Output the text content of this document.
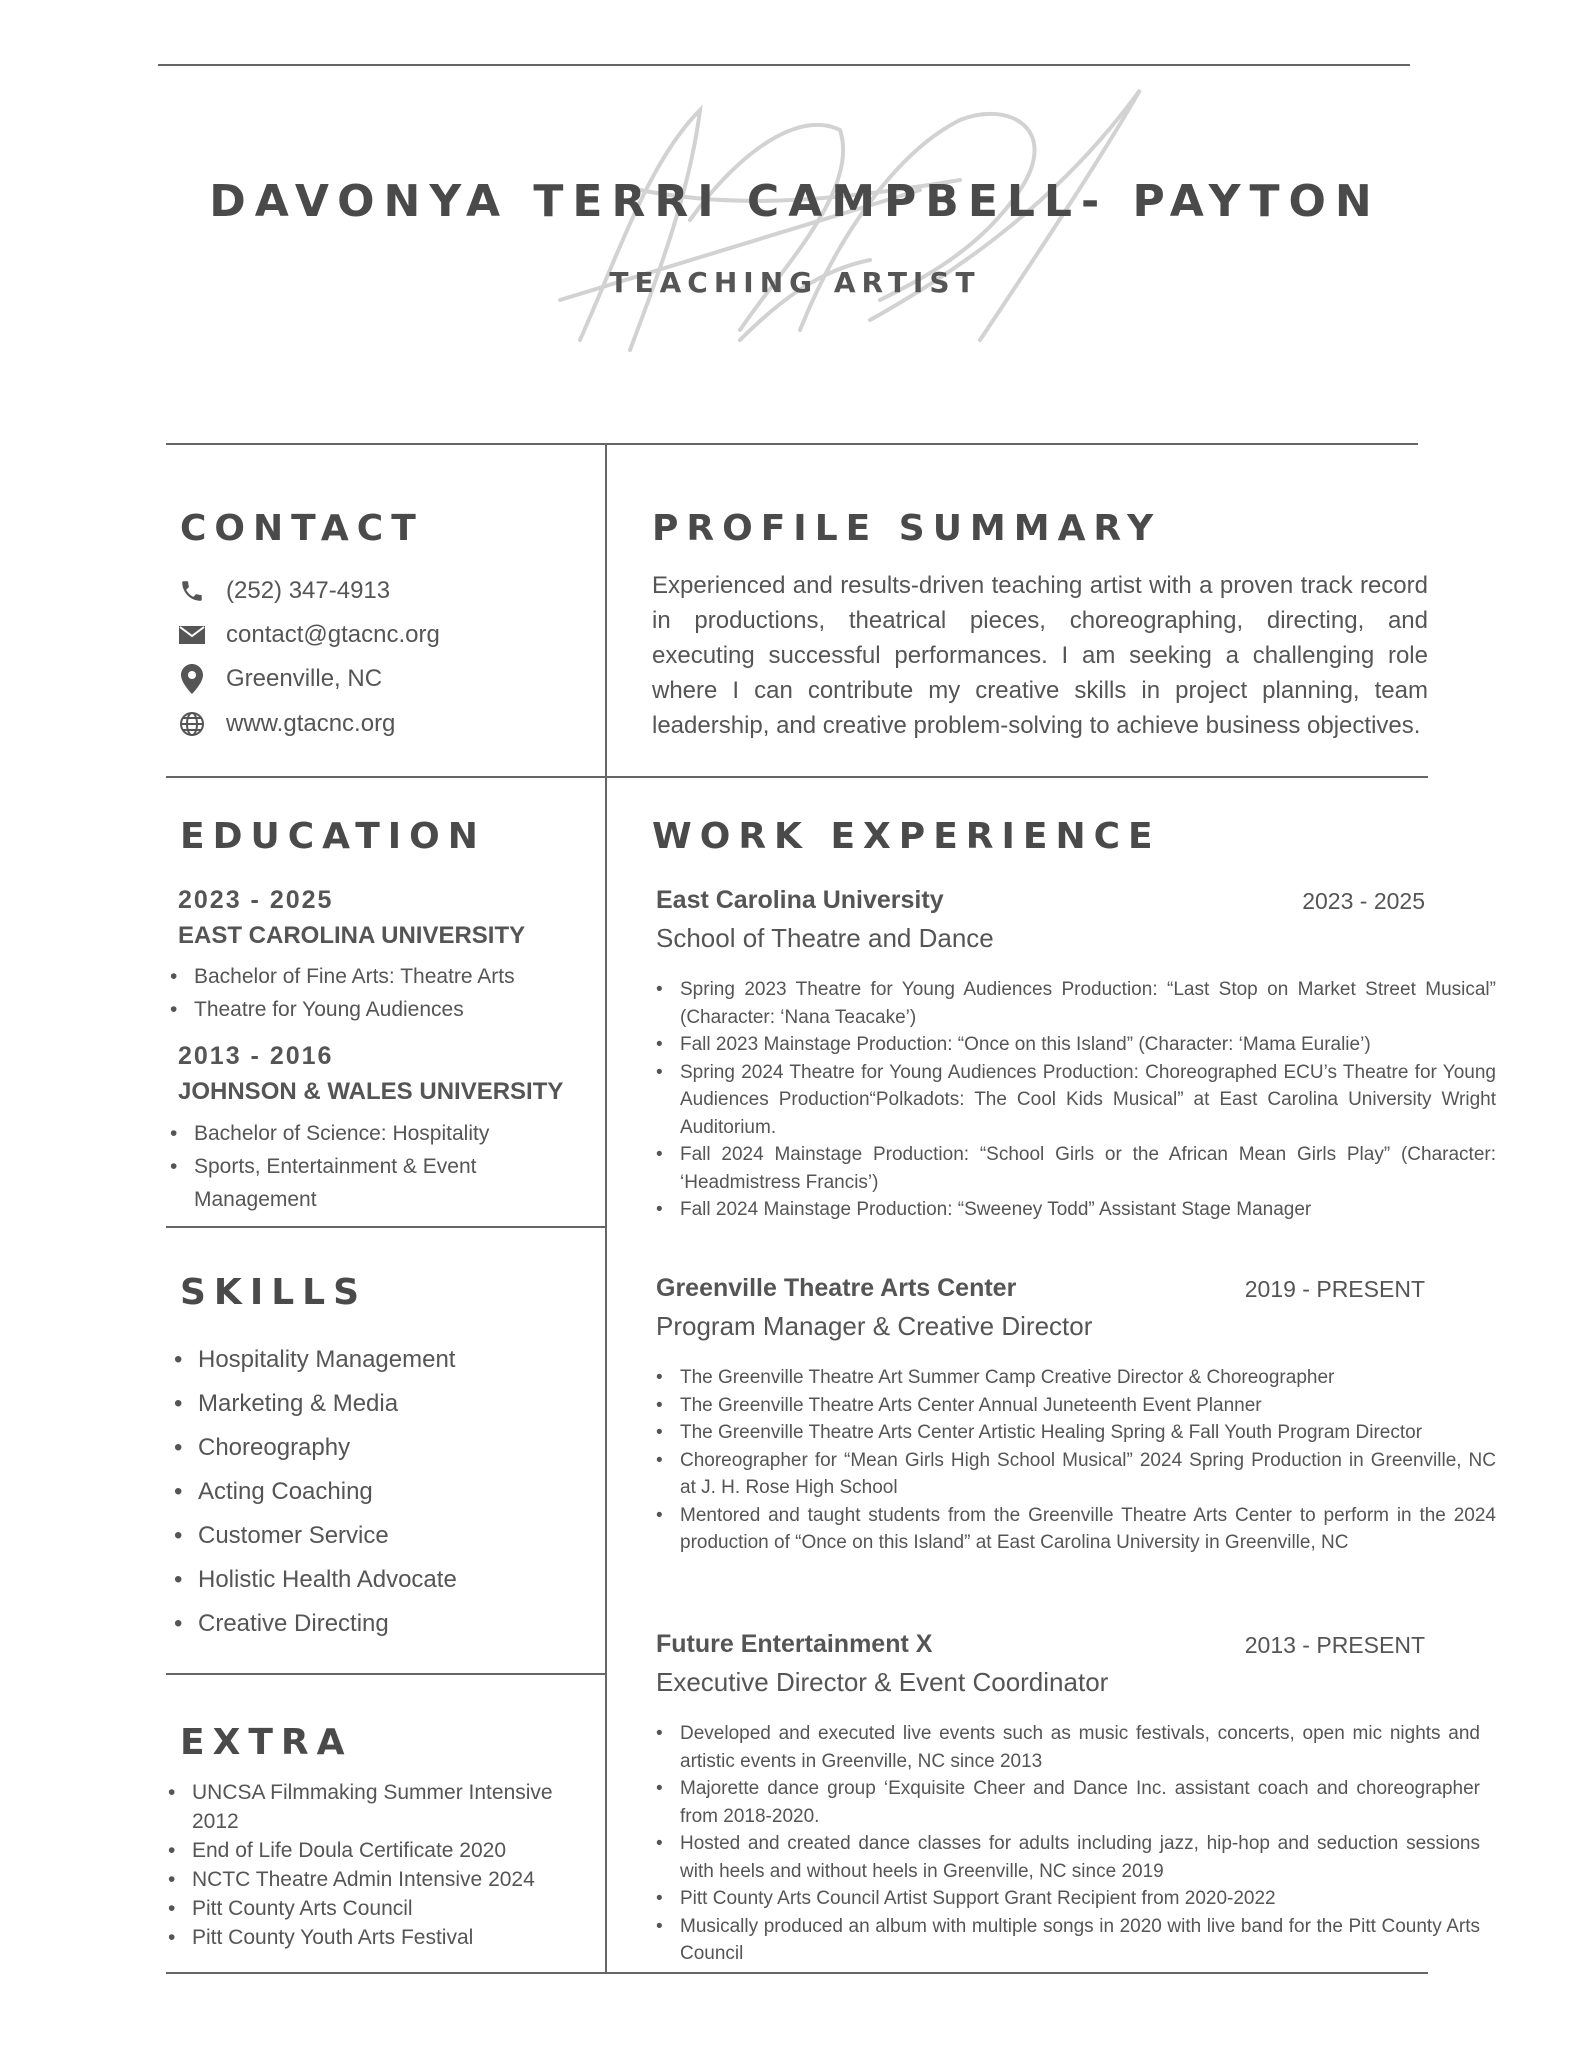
DAVONYA TERRI CAMPBELL- PAYTON
TEACHING ARTIST
CONTACT
(252) 347-4913
contact@gtacnc.org
Greenville, NC
www.gtacnc.org
PROFILE SUMMARY
Experienced and results-driven teaching artist with a proven track record in productions, theatrical pieces, choreographing, directing, and executing successful performances. I am seeking a challenging role where I can contribute my creative skills in project planning, team leadership, and creative problem-solving to achieve business objectives.
EDUCATION
2023 - 2025
EAST CAROLINA UNIVERSITY
• Bachelor of Fine Arts: Theatre Arts
• Theatre for Young Audiences
2013 - 2016
JOHNSON & WALES UNIVERSITY
• Bachelor of Science: Hospitality
• Sports, Entertainment & Event Management
SKILLS
• Hospitality Management
• Marketing & Media
• Choreography
• Acting Coaching
• Customer Service
• Holistic Health Advocate
• Creative Directing
EXTRA
• UNCSA Filmmaking Summer Intensive 2012
• End of Life Doula Certificate 2020
• NCTC Theatre Admin Intensive 2024
• Pitt County Arts Council
• Pitt County Youth Arts Festival
WORK EXPERIENCE
East Carolina University	2023 - 2025
School of Theatre and Dance
• Spring 2023 Theatre for Young Audiences Production: “Last Stop on Market Street Musical” (Character: ‘Nana Teacake’)
• Fall 2023 Mainstage Production: “Once on this Island” (Character: ‘Mama Euralie’)
• Spring 2024 Theatre for Young Audiences Production: Choreographed ECU’s Theatre for Young Audiences Production“Polkadots: The Cool Kids Musical” at East Carolina University Wright Auditorium.
• Fall 2024 Mainstage Production: “School Girls or the African Mean Girls Play” (Character: ‘Headmistress Francis’)
• Fall 2024 Mainstage Production: “Sweeney Todd” Assistant Stage Manager
Greenville Theatre Arts Center	2019 - PRESENT
Program Manager & Creative Director
• The Greenville Theatre Art Summer Camp Creative Director & Choreographer
• The Greenville Theatre Arts Center Annual Juneteenth Event Planner
• The Greenville Theatre Arts Center Artistic Healing Spring & Fall Youth Program Director
• Choreographer for “Mean Girls High School Musical” 2024 Spring Production in Greenville, NC at J. H. Rose High School
• Mentored and taught students from the Greenville Theatre Arts Center to perform in the 2024 production of “Once on this Island” at East Carolina University in Greenville, NC
Future Entertainment X	2013 - PRESENT
Executive Director & Event Coordinator
• Developed and executed live events such as music festivals, concerts, open mic nights and artistic events in Greenville, NC since 2013
• Majorette dance group ‘Exquisite Cheer and Dance Inc. assistant coach and choreographer from 2018-2020.
• Hosted and created dance classes for adults including jazz, hip-hop and seduction sessions with heels and without heels in Greenville, NC since 2019
• Pitt County Arts Council Artist Support Grant Recipient from 2020-2022
• Musically produced an album with multiple songs in 2020 with live band for the Pitt County Arts Council
